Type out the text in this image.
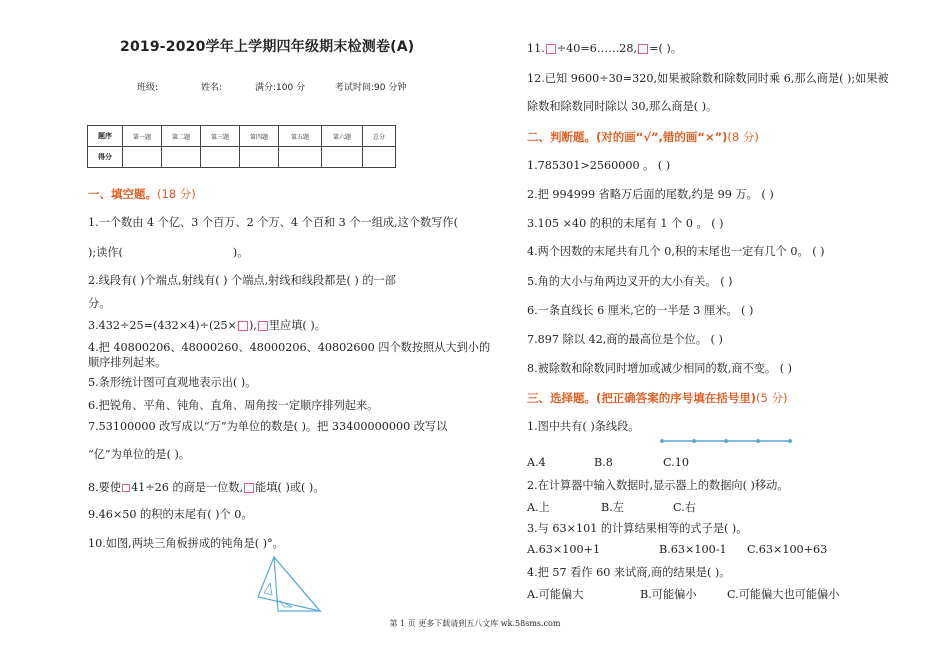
2019-2020学年上学期四年级期末检测卷(A)
班级:	姓名:	满分:100 分	考试时间:90 分钟
题序	第一题	第二题	第三题	第四题	第五题	第六题	总分
得分							
一、填空题。(18 分)
1.一个数由 4 个亿、3 个百万、2 个万、4 个百和 3 个一组成,这个数写作(
);读作(	)。
2.线段有( )个端点,射线有( ) 个端点,射线和线段都是( ) 的一部
分。
3.432÷25=(432×4)÷(25× ), 里应填( )。
4.把 40800206、48000260、48000206、40802600 四个数按照从大到小的
顺序排列起来。
5.条形统计图可直观地表示出( )。
6.把锐角、平角、钝角、直角、周角按一定顺序排列起来。
7.53100000 改写成以“万”为单位的数是( )。把 33400000000 改写以
“亿”为单位的是( )。
8.要使 41÷26 的商是一位数, 能填( )或( )。
9.46×50 的积的末尾有( )个 0。
10.如图,两块三角板拼成的钝角是( )°。
11. ÷40=6……28, =( )。
12.已知 9600÷30=320,如果被除数和除数同时乘 6,那么商是( );如果被
除数和除数同时除以 30,那么商是( )。
二、判断题。(对的画“√”,错的画“×”)(8 分)
1.785301>2560000 。 ( )
2.把 994999 省略万后面的尾数,约是 99 万。 ( )
3.105 ×40 的积的末尾有 1 个 0 。 ( )
4.两个因数的末尾共有几个 0,积的末尾也一定有几个 0。 ( )
5.角的大小与角两边叉开的大小有关。 ( )
6.一条直线长 6 厘米,它的一半是 3 厘米。 ( )
7.897 除以 42,商的最高位是个位。 ( )
8.被除数和除数同时增加或减少相同的数,商不变。 ( )
三、选择题。(把正确答案的序号填在括号里)(5 分)
1.图中共有( )条线段。
A.4	B.8	C.10
2.在计算器中输入数据时,显示器上的数据向( )移动。
A.上	B.左	C.右
3.与 63×101 的计算结果相等的式子是( )。
A.63×100+1	B.63×100-1 C.63×100+63
4.把 57 看作 60 来试商,商的结果是( )。
A.可能偏大	B.可能偏小	C.可能偏大也可能偏小
第 1 页 更多下载请到五八文库 wk.58sms.com
